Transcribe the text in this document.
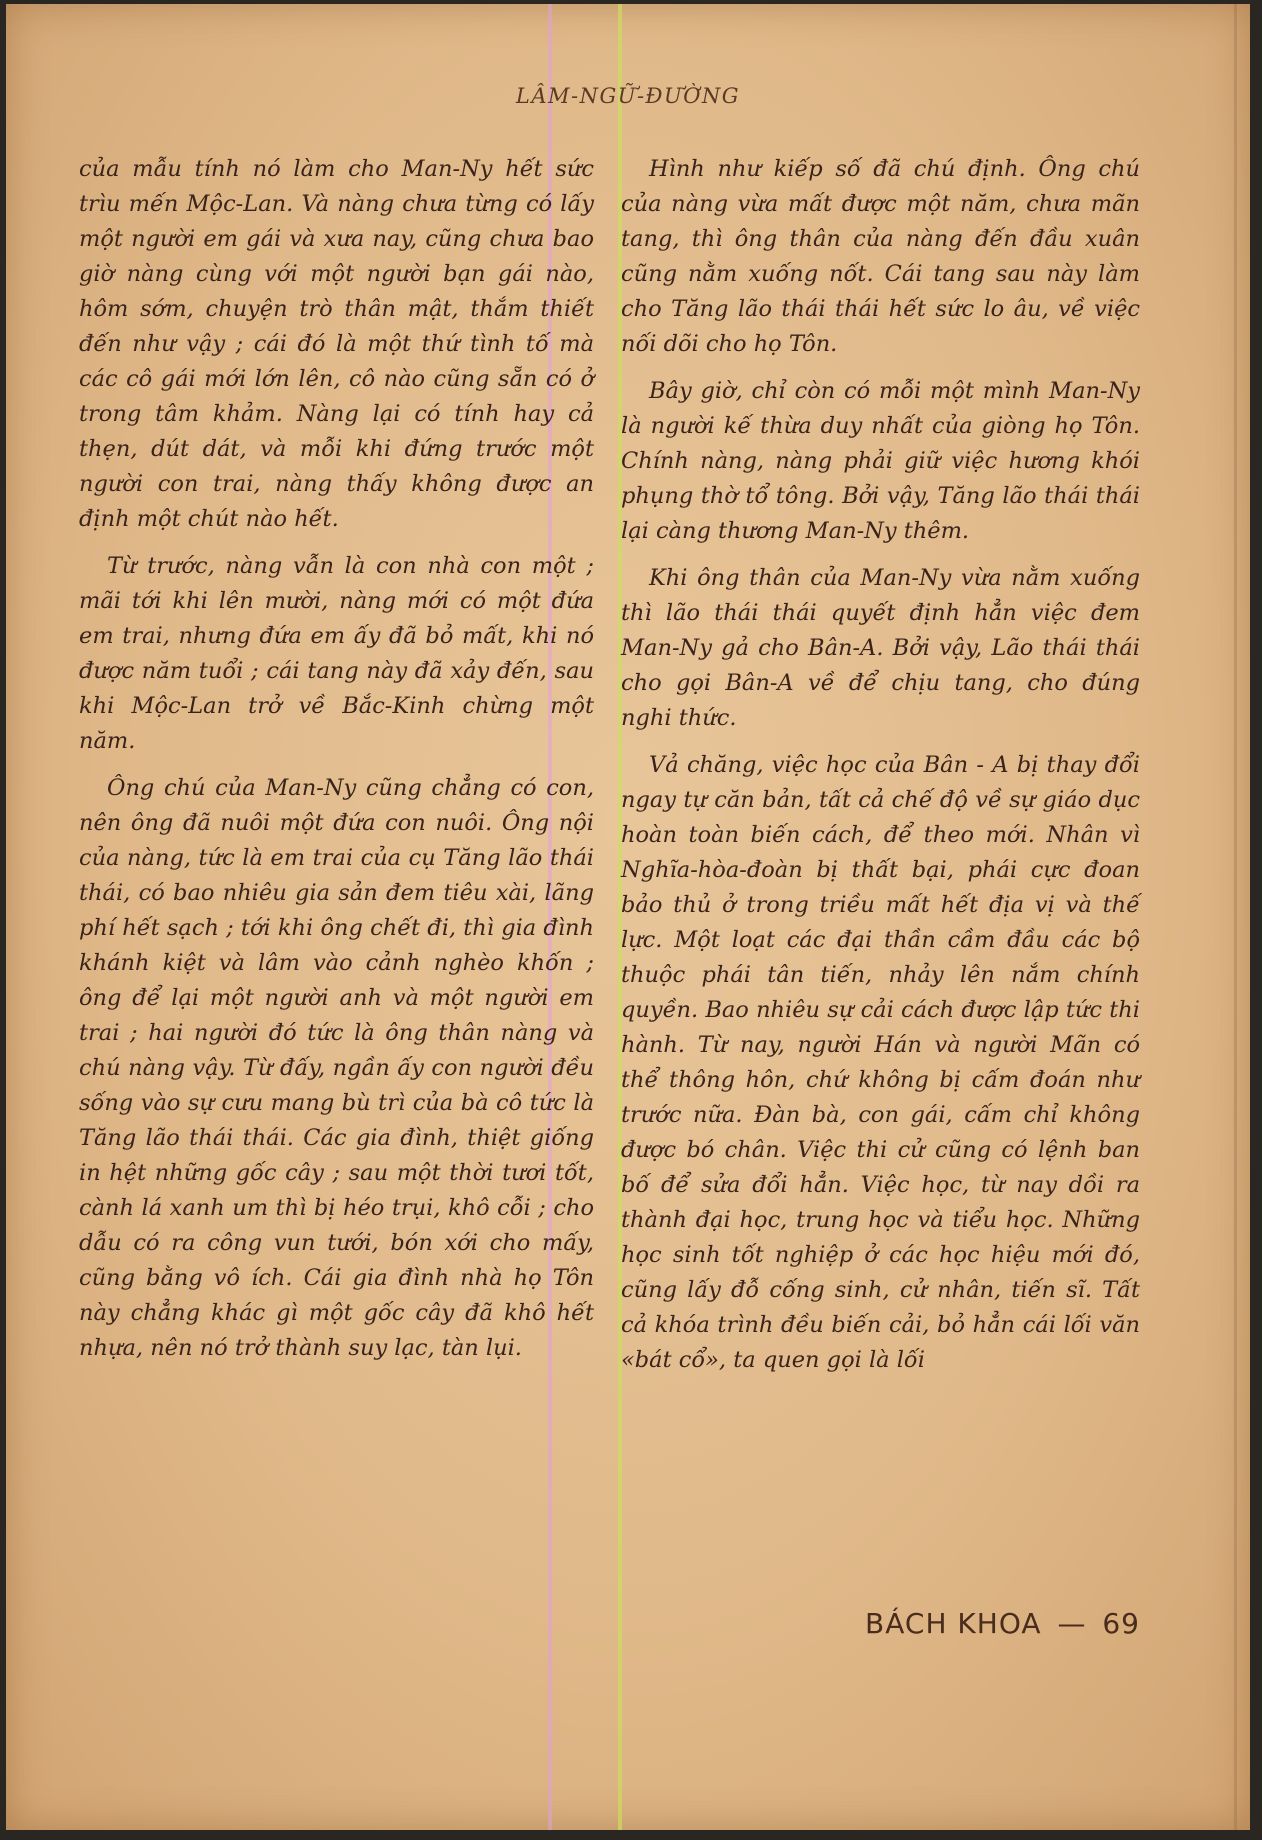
LÂM-NGỮ-ĐƯỜNG

của mẫu tính nó làm cho Man-Ny hết sức trìu mến Mộc-Lan. Và nàng chưa từng có lấy một người em gái và xưa nay, cũng chưa bao giờ nàng cùng với một người bạn gái nào, hôm sớm, chuyện trò thân mật, thắm thiết đến như vậy ; cái đó là một thứ tình tố mà các cô gái mới lớn lên, cô nào cũng sẵn có ở trong tâm khảm. Nàng lại có tính hay cả thẹn, dút dát, và mỗi khi đứng trước một người con trai, nàng thấy không được an định một chút nào hết.

Từ trước, nàng vẫn là con nhà con một ; mãi tới khi lên mười, nàng mới có một đứa em trai, nhưng đứa em ấy đã bỏ mất, khi nó được năm tuổi ; cái tang này đã xảy đến, sau khi Mộc-Lan trở về Bắc-Kinh chừng một năm.

Ông chú của Man-Ny cũng chẳng có con, nên ông đã nuôi một đứa con nuôi. Ông nội của nàng, tức là em trai của cụ Tăng lão thái thái, có bao nhiêu gia sản đem tiêu xài, lãng phí hết sạch ; tới khi ông chết đi, thì gia đình khánh kiệt và lâm vào cảnh nghèo khốn ; ông để lại một người anh và một người em trai ; hai người đó tức là ông thân nàng và chú nàng vậy. Từ đấy, ngần ấy con người đều sống vào sự cưu mang bù trì của bà cô tức là Tăng lão thái thái. Các gia đình, thiệt giống in hệt những gốc cây ; sau một thời tươi tốt, cành lá xanh um thì bị héo trụi, khô cỗi ; cho dẫu có ra công vun tưới, bón xới cho mấy, cũng bằng vô ích. Cái gia đình nhà họ Tôn này chẳng khác gì một gốc cây đã khô hết nhựa, nên nó trở thành suy lạc, tàn lụi.

Hình như kiếp số đã chú định. Ông chú của nàng vừa mất được một năm, chưa mãn tang, thì ông thân của nàng đến đầu xuân cũng nằm xuống nốt. Cái tang sau này làm cho Tăng lão thái thái hết sức lo âu, về việc nối dõi cho họ Tôn.

Bây giờ, chỉ còn có mỗi một mình Man-Ny là người kế thừa duy nhất của giòng họ Tôn. Chính nàng, nàng phải giữ việc hương khói phụng thờ tổ tông. Bởi vậy, Tăng lão thái thái lại càng thương Man-Ny thêm.

Khi ông thân của Man-Ny vừa nằm xuống thì lão thái thái quyết định hẳn việc đem Man-Ny gả cho Bân-A. Bởi vậy, Lão thái thái cho gọi Bân-A về để chịu tang, cho đúng nghi thức.

Vả chăng, việc học của Bân - A bị thay đổi ngay tự căn bản, tất cả chế độ về sự giáo dục hoàn toàn biến cách, để theo mới. Nhân vì Nghĩa-hòa-đoàn bị thất bại, phái cực đoan bảo thủ ở trong triều mất hết địa vị và thế lực. Một loạt các đại thần cầm đầu các bộ thuộc phái tân tiến, nhảy lên nắm chính quyền. Bao nhiêu sự cải cách được lập tức thi hành. Từ nay, người Hán và người Mãn có thể thông hôn, chứ không bị cấm đoán như trước nữa. Đàn bà, con gái, cấm chỉ không được bó chân. Việc thi cử cũng có lệnh ban bố để sửa đổi hẳn. Việc học, từ nay dồi ra thành đại học, trung học và tiểu học. Những học sinh tốt nghiệp ở các học hiệu mới đó, cũng lấy đỗ cống sinh, cử nhân, tiến sĩ. Tất cả khóa trình đều biến cải, bỏ hẳn cái lối văn «bát cổ», ta quen gọi là lối

BÁCH KHOA — 69
